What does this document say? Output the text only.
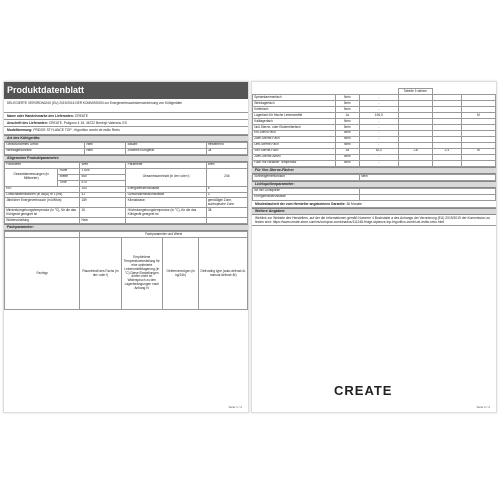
Produktdatenblatt
DELEGIERTE VERORDNUNG (EU) 2019/2016 DER KOMMISSION zur Energieverbrauchskennzeichnung von Kühlgeräten
Name oder Handelsmarke des Lieferanten: CREATE
Anschrift des Lieferanten: CREATE, Polígono 4 18, 46722 Benirrjó Valencia, ES
Modellkennung: FRIDGE STYLANCE TOP - frigorífico combi de estilo Retro
Art des Kühlgeräts:
Geräuscharmes Gerät:	Nein	Bauart:	freistehend
Weinlagerschrank	Nein	Anderes Kühlgerät	Ja
Allgemeine Produktparameter:
Parameter		Wert	Parameter	Wert
Gesamtabmessungen (in Millimeter)	Höhe	1 605	Gesamtrauminhalt (in dm³ oder l)	246
	Breite	550		
	Tiefe	575		
EEI		100	Energieeffizienzklasse	E
Luftschallemissionen (in dB(A) re 1 pW)		41	Luftschallemissionsklasse	C
Jährlicher Energieverbrauch (in kWh/a)		189	Klimaklasse:	gemäßigte Zone, subtropische Zone
Mindestumgebungstemperatur (in °C), für die das Kühlgerät geeignet ist		16	Höchstumgebungstemperatur (in °C), für die das Kühlgerät geeignet ist	38
Winterschaltung		Nein		
Fachparameter:
	Fachparameter und Werte			
Fachtyp	Rauminhalt des Fachs (in dm³ oder l)	Empfohlene Temperatureinstellung für eine optimierte Lebensmittellagerung (in °C) Diese Einstellungen dürfen nicht im Widerspruch zu den Lagerbedingungen nach Anhang IV	Gefriervermögen (in kg/24h)	Defrosting type (auto-defrost=A, manual defrost=M)
Seite 1 / 2
			Tabelle 3 stehen		
Speisekammerfach	Nein	-			
Weinlagerfach	Nein	-			
Kellerfach	Nein	-			
Lagerfach für frische Lebensmittel	Ja	194,0			M
Kaltlagerfach	Nein	-			
Null-Sterne- oder Eisbereiterfach	Nein	-			
Ein-Stern-Fach	Nein	-			
Zwei-Sterne-Fach	Nein	-			
Drei-Sterne-Fach	Nein	-			
Vier-Sterne-Fach	Ja	52,0	-18	2,4	M
Zwei-Sterne-Abteil	Nein	-			
Fach mit variabler Temperatur	Nein	-			
Für Vier-Sterne-Fächer
Schnellgefrierfunktion	Nein
Lichtquellenparameter:
Art der Lichtquelle	
Energieeffizienzklasse	
Mindestlaufzeit der vom Hersteller angebotenen Garantie: 36 Monate
Weitere Angaben:
Weblink zur Website des Herstellers, auf der die Informationen gemäß Nummer 4 Buchstabe a des Anhangs der Verordnung (EU) 2019/2019 der Kommission zu finden sind: https://www.create-store.com/es/comprar-combinados/111248-fridge-stylance-top-frigorifico-combi-de-estilo-retro.html
Seite 2 / 2
CREATE
